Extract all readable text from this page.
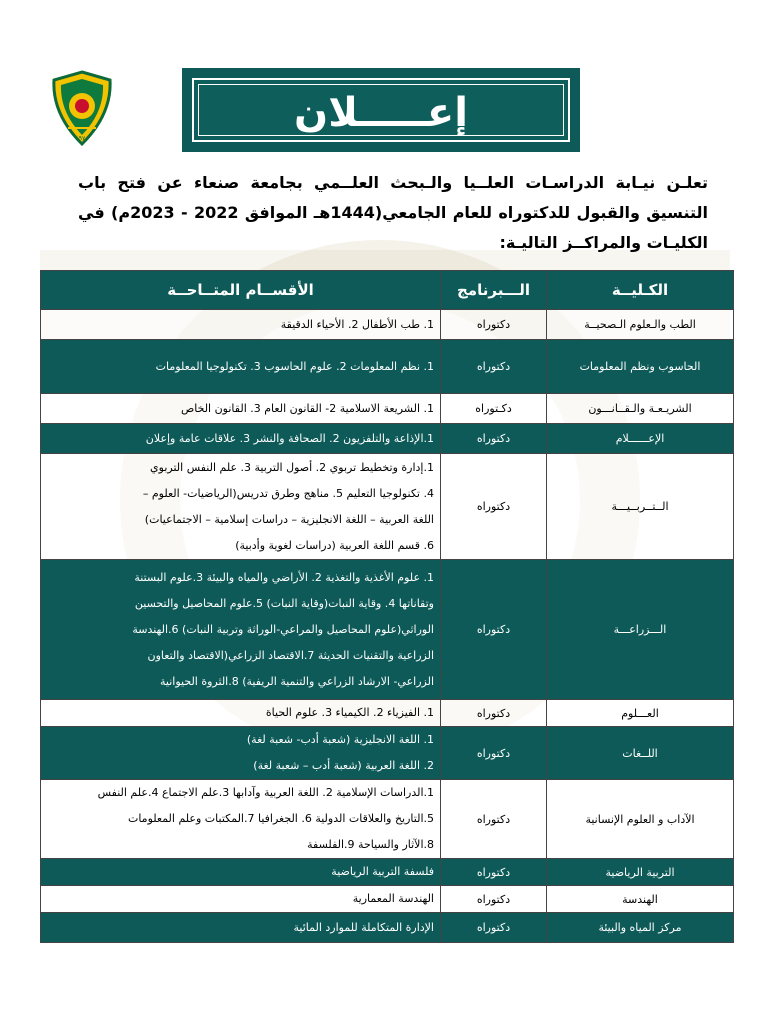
١٩٧٠
إعـــــلان
تعلـن نيـابة الدراسـات العلــيا والـبحث العلــمي بجامعة صنعاء عن فتح باب التنسيق والقبول للدكتوراه للعام الجامعي(1444هـ الموافق 2022 - 2023م) في الكليـات والمراكــز التاليـة:
الكـليــة	الـــبرنامج	الأقســام المتــاحــة
الطب والـعلوم الـصحيــة	دكتوراه	1. طب الأطفال 2. الأحياء الدقيقة

الحاسوب ونظم المعلومات	دكتوراه	1. نظم المعلومات 2. علوم الحاسوب 3. تكنولوجيا المعلومات

الشريـعـة والـقــانـــون	دكـتوراه	1. الشريعة الاسلامية 2- القانون العام 3. القانون الخاص

الإعــــــلام	دكتوراه	1.الإذاعة والتلفزيون 2. الصحافة والنشر 3. علاقات عامة وإعلان

الــتــربــيـــة	دكتوراه	1.إدارة وتخطيط تربوي 2. أصول التربية 3. علم النفس التربوي
4. تكنولوجيا التعليم 5. مناهج وطرق تدريس(الرياضيات- العلوم –
اللغة العربية – اللغة الانجليزية – دراسات إسلامية – الاجتماعيات)
6. قسم اللغة العربية (دراسات لغوية وأدبية)

الـــزراعـــة	دكتوراه	1. علوم الأغذية والتغذية 2. الأراضي والمياه والبيئة 3.علوم البستنة
وتقاناتها 4. وقاية النبات(وقاية النبات) 5.علوم المحاصيل والتحسين
الوراثي(علوم المحاصيل والمراعي-الوراثة وتربية النبات) 6.الهندسة
الزراعية والتقنيات الحديثة 7.الاقتصاد الزراعي(الاقتصاد والتعاون
الزراعي- الارشاد الزراعي والتنمية الريفية) 8.الثروة الحيوانية

العـــلوم	دكتوراه	1. الفيزياء 2. الكيمياء 3. علوم الحياة

اللــغات	دكتوراه	1. اللغة الانجليزية (شعبة أدب- شعبة لغة)
2. اللغة العربية (شعبة أدب – شعبة لغة)

الآداب و العلوم الإنسانية	دكتوراه	1.الدراسات الإسلامية 2. اللغة العربية وآدابها 3.علم الاجتماع 4.علم النفس
5.التاريخ والعلاقات الدولية 6. الجغرافيا 7.المكتبات وعلم المعلومات
8.الآثار والسياحة 9.الفلسفة

التربية الرياضية	دكتوراه	فلسفة التربية الرياضية

الهندسة	دكتوراه	الهندسة المعمارية

مركز المياه والبيئة	دكتوراه	الإدارة المتكاملة للموارد المائية
